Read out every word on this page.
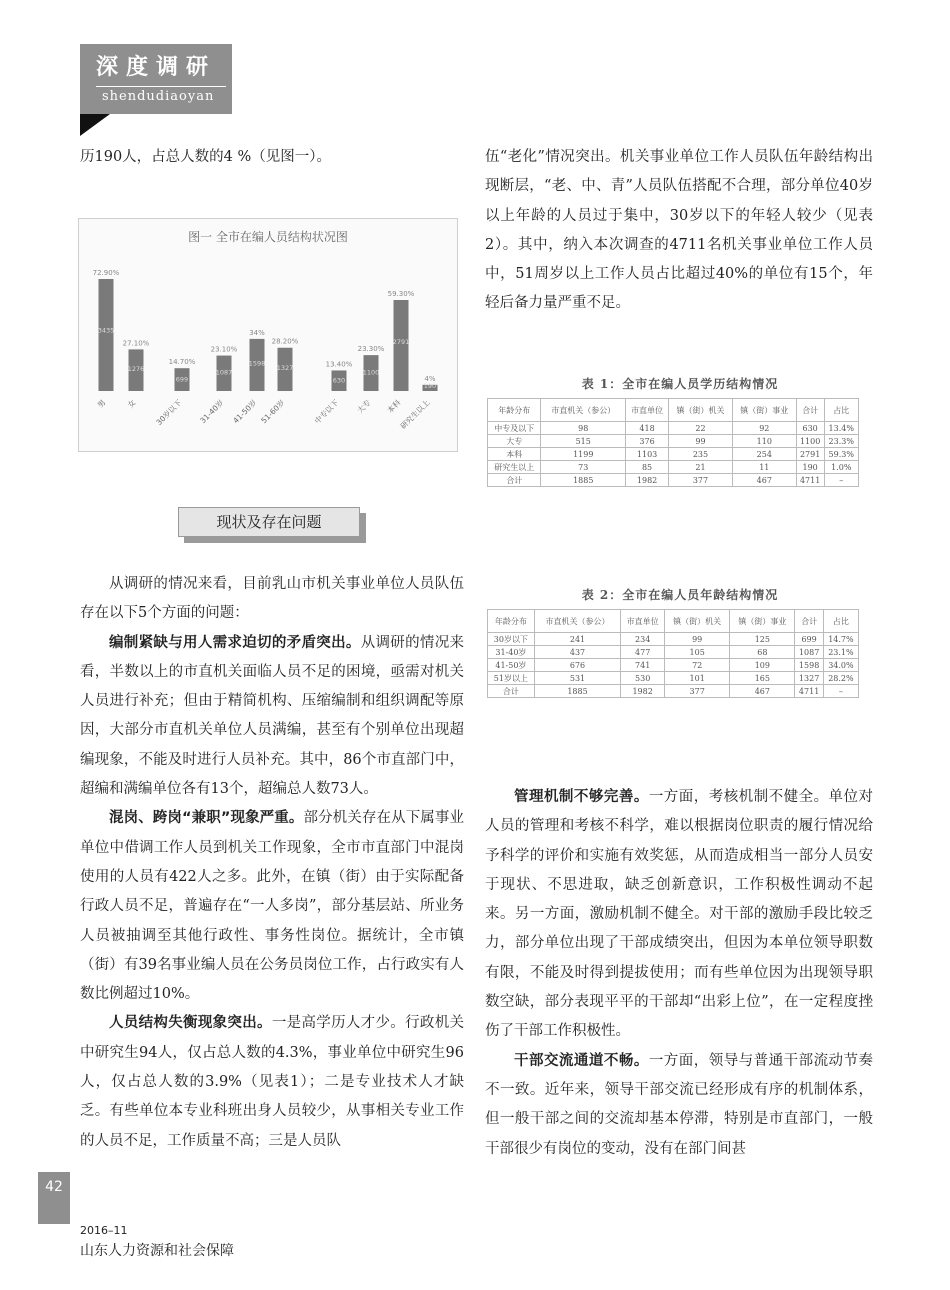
深度调研
shendudiaoyan

历190人，占总人数的4 %（见图一）。

图一 全市在编人员结构状况图
72.90%
3435
男
27.10%
1276
女
14.70%
699
30岁以下
23.10%
1087
31-40岁
34%
1598
41-50岁
28.20%
1327
51-60岁
13.40%
630
中专以下
23.30%
1100
大专
59.30%
2791
本科
4%
190
研究生以上
现状及存在问题

从调研的情况来看，目前乳山市机关事业单位人员队伍存在以下5个方面的问题：

编制紧缺与用人需求迫切的矛盾突出。从调研的情况来看，半数以上的市直机关面临人员不足的困境，亟需对机关人员进行补充；但由于精简机构、压缩编制和组织调配等原因，大部分市直机关单位人员满编，甚至有个别单位出现超编现象，不能及时进行人员补充。其中，86个市直部门中，超编和满编单位各有13个，超编总人数73人。

混岗、跨岗“兼职”现象严重。部分机关存在从下属事业单位中借调工作人员到机关工作现象，全市市直部门中混岗使用的人员有422人之多。此外，在镇（街）由于实际配备行政人员不足，普遍存在“一人多岗”，部分基层站、所业务人员被抽调至其他行政性、事务性岗位。据统计，全市镇（街）有39名事业编人员在公务员岗位工作，占行政实有人数比例超过10%。

人员结构失衡现象突出。一是高学历人才少。行政机关中研究生94人，仅占总人数的4.3%，事业单位中研究生96人，仅占总人数的3.9%（见表1）；二是专业技术人才缺乏。有些单位本专业科班出身人员较少，从事相关专业工作的人员不足，工作质量不高；三是人员队

伍“老化”情况突出。机关事业单位工作人员队伍年龄结构出现断层，“老、中、青”人员队伍搭配不合理，部分单位40岁以上年龄的人员过于集中，30岁以下的年轻人较少（见表2）。其中，纳入本次调查的4711名机关事业单位工作人员中，51周岁以上工作人员占比超过40%的单位有15个，年轻后备力量严重不足。

表 1：全市在编人员学历结构情况
年龄分布	市直机关（参公）	市直单位	镇（街）机关	镇（街）事业	合计	占比
中专及以下	98	418	22	92	630	13.4%
大专	515	376	99	110	1100	23.3%
本科	1199	1103	235	254	2791	59.3%
研究生以上	73	85	21	11	190	1.0%
合计	1885	1982	377	467	4711	–
表 2：全市在编人员年龄结构情况
年龄分布	市直机关（参公）	市直单位	镇（街）机关	镇（街）事业	合计	占比
30岁以下	241	234	99	125	699	14.7%
31-40岁	437	477	105	68	1087	23.1%
41-50岁	676	741	72	109	1598	34.0%
51岁以上	531	530	101	165	1327	28.2%
合计	1885	1982	377	467	4711	–

管理机制不够完善。一方面，考核机制不健全。单位对人员的管理和考核不科学，难以根据岗位职责的履行情况给予科学的评价和实施有效奖惩，从而造成相当一部分人员安于现状、不思进取，缺乏创新意识，工作积极性调动不起来。另一方面，激励机制不健全。对干部的激励手段比较乏力，部分单位出现了干部成绩突出，但因为本单位领导职数有限，不能及时得到提拔使用；而有些单位因为出现领导职数空缺，部分表现平平的干部却“出彩上位”，在一定程度挫伤了干部工作积极性。

干部交流通道不畅。一方面，领导与普通干部流动节奏不一致。近年来，领导干部交流已经形成有序的机制体系，但一般干部之间的交流却基本停滞，特别是市直部门，一般干部很少有岗位的变动，没有在部门间甚

42
2016–11
山东人力资源和社会保障
